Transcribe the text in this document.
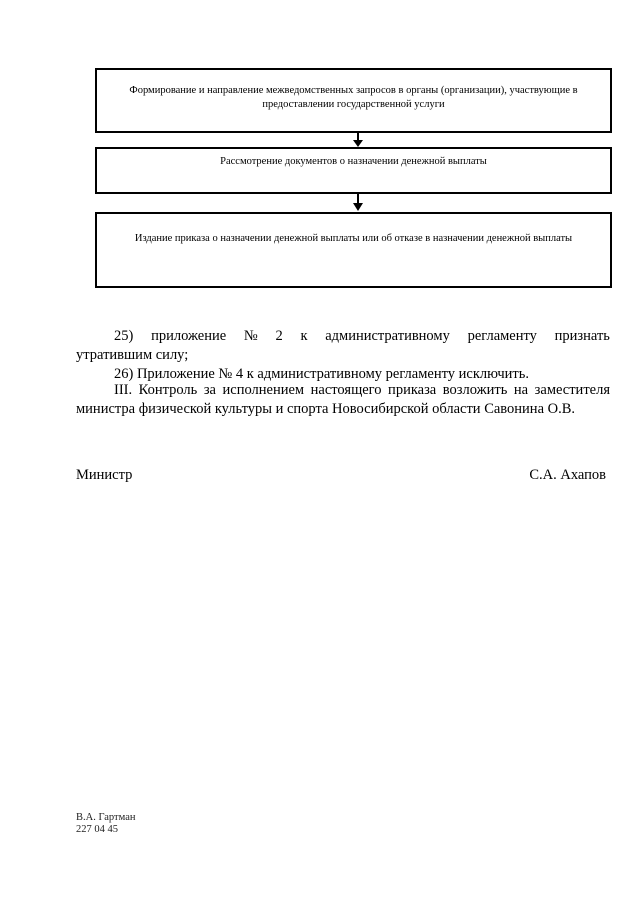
Формирование и направление межведомственных запросов в органы (организации), участвующие в предоставлении государственной услуги
Рассмотрение документов о назначении денежной выплаты
Издание приказа о назначении денежной выплаты или об отказе в назначении денежной выплаты
25) приложение № 2 к административному регламенту признать
утратившим силу;
26) Приложение № 4 к административному регламенту исключить.
III. Контроль за исполнением настоящего приказа возложить на заместителя министра физической культуры и спорта Новосибирской области Савонина О.В.
Министр	С.А. Ахапов
В.А. Гартман
227 04 45
